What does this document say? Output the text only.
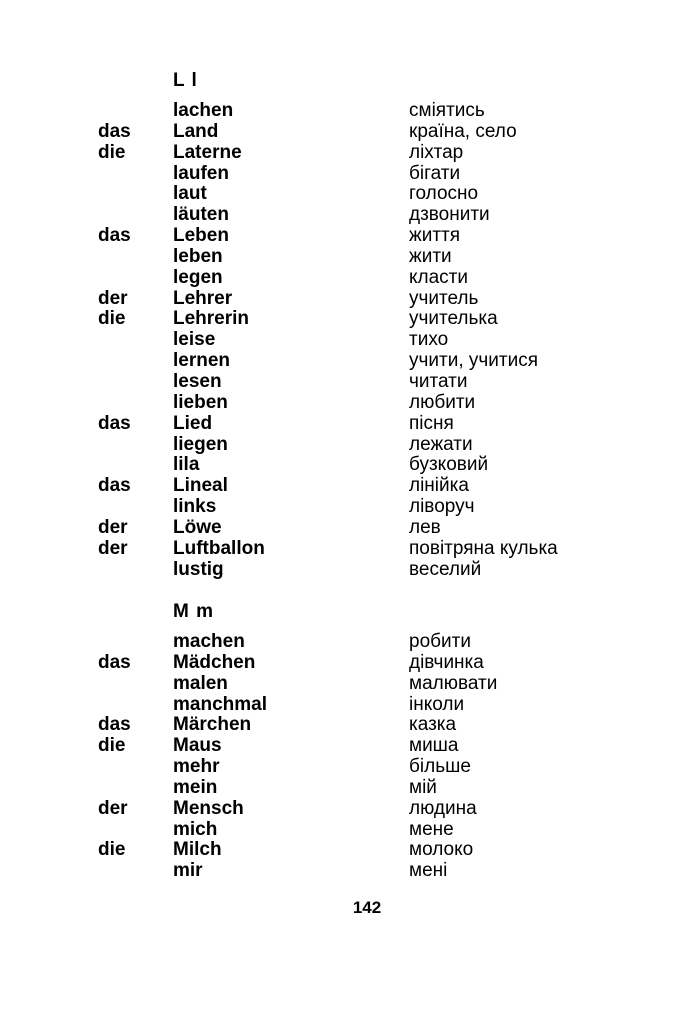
L l
lachen	сміятись
das Land	країна, село
die	Laterne	ліхтар
laufen	бігати
laut	голосно
läuten	дзвонити
das Leben	життя
leben	жити
legen	класти
der Lehrer	учитель
die	Lehrerin	учителька
leise	тихо
lernen	учити, учитися
lesen	читати
lieben	любити
das Lied	пісня
liegen	лежати
lila	бузковий
das Lineal	лінійка
links	ліворуч
der Löwe	лев
der Luftballon	повітряна кулька
lustig	веселий
M m
machen	робити
das Mädchen	дівчинка
malen	малювати
manchmal	інколи
das Märchen	казка
die	Maus	миша
mehr	більше
mein	мій
der Mensch	людина
mich	мене
die	Milch	молоко
mir	мені
142
